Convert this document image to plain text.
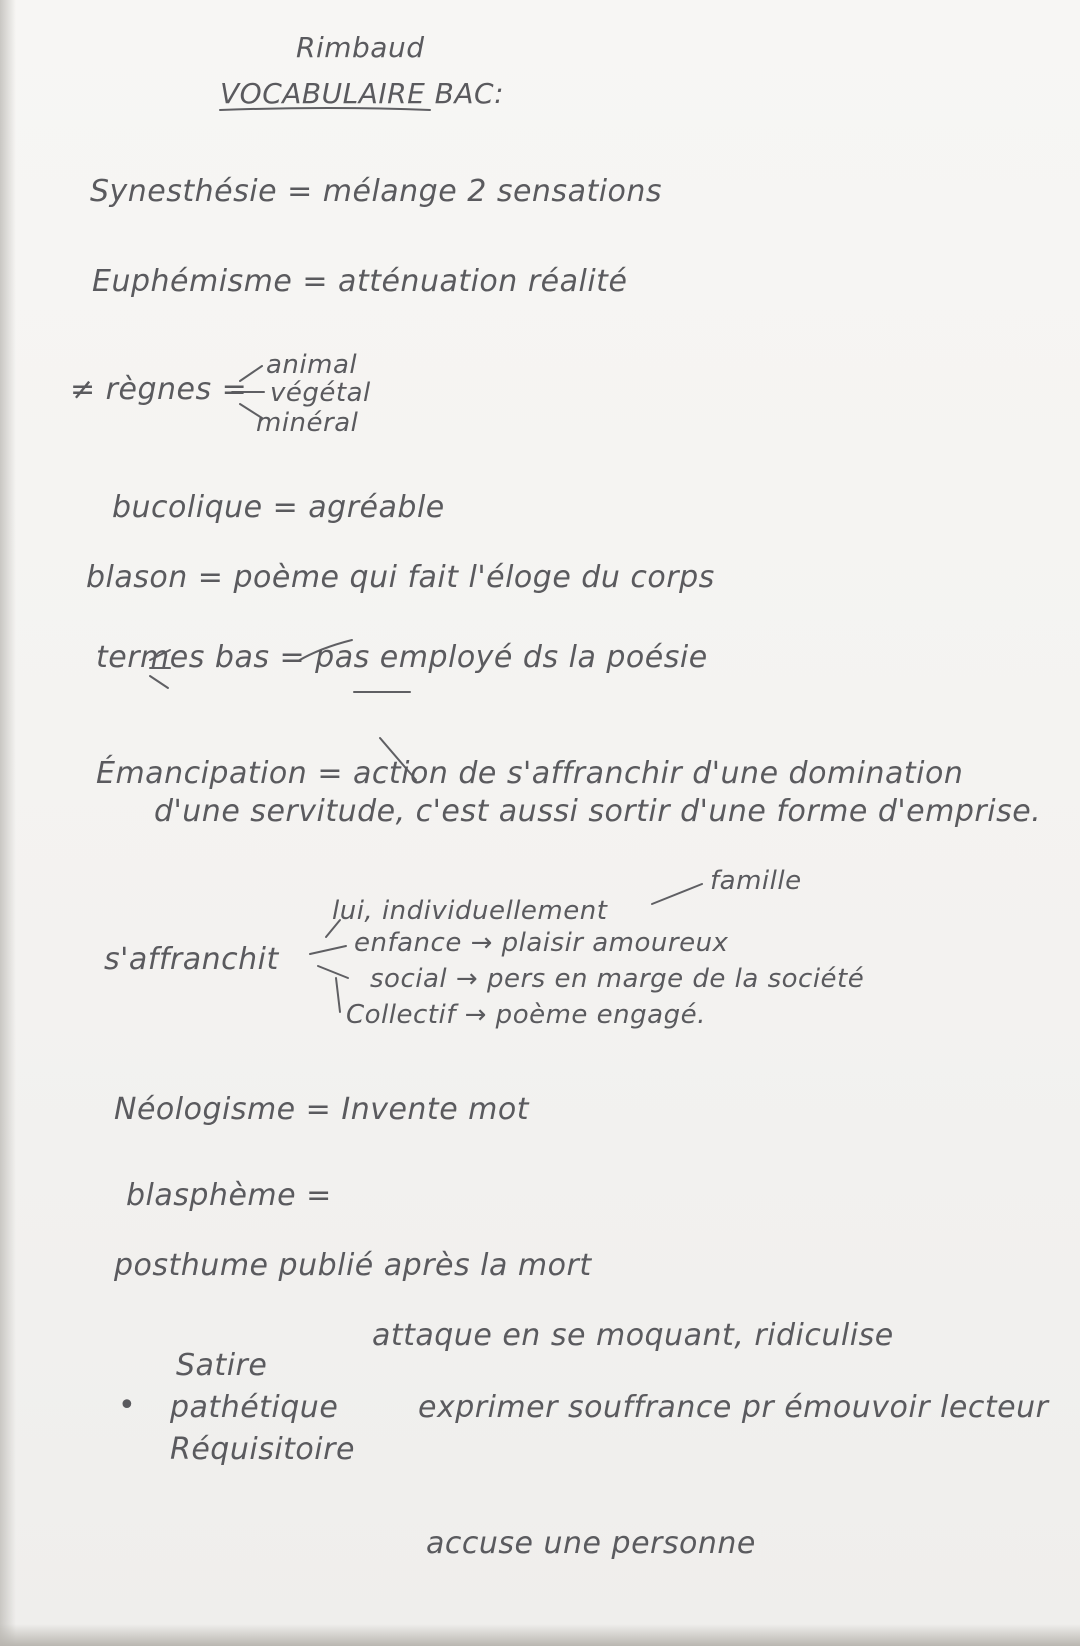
Rimbaud
VOCABULAIRE BAC:
Synesthésie = mélange 2 sensations
Euphémisme = atténuation réalité
≠ règnes =
animal
végétal
minéral
bucolique = agréable
blason = poème qui fait l'éloge du corps
termes bas = pas employé ds la poésie
Émancipation = action de s'affranchir d'une domination
d'une servitude, c'est aussi sortir d'une forme d'emprise.
famille
lui, individuellement
s'affranchit	enfance → plaisir amoureux
social → pers en marge de la société
Collectif → poème engagé.
Néologisme = Invente mot
blasphème =
posthume publié après la mort
•
Satire
pathétique
Réquisitoire
attaque en se moquant, ridiculise
exprimer souffrance pr émouvoir lecteur
accuse une personne
